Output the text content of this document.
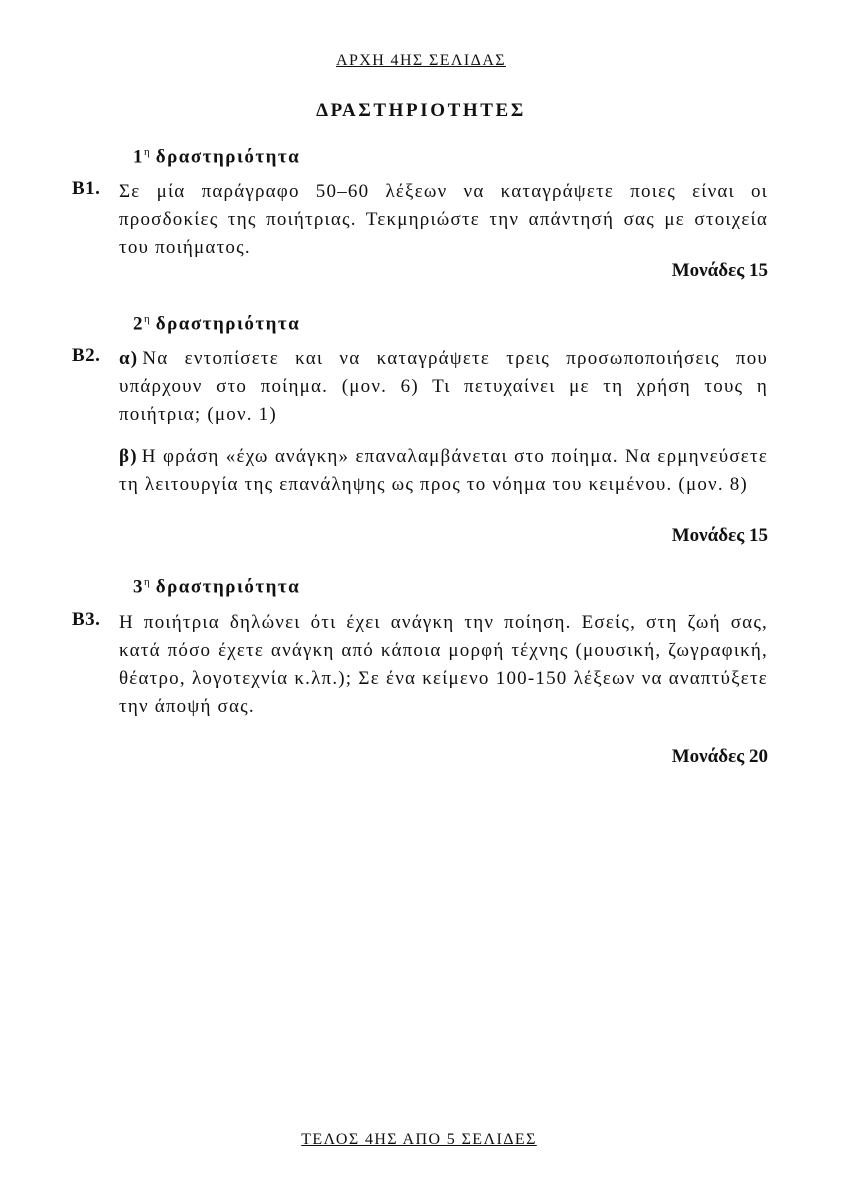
ΑΡΧΗ 4ΗΣ ΣΕΛΙΔΑΣ
ΔΡΑΣΤΗΡΙΟΤΗΤΕΣ
$1^\eta$ δραστηριότητα
Β1. Σε μία παράγραφο 50–60 λέξεων να καταγράψετε ποιες είναι οι προσδοκίες της ποιήτριας. Τεκμηριώστε την απάντησή σας με στοιχεία του ποιήματος.

Μονάδες 15
$2^\eta$ δραστηριότητα
Β2. α) Να εντοπίσετε και να καταγράψετε τρεις προσωποποιήσεις που υπάρχουν στο ποίημα. (μον. 6) Τι πετυχαίνει με τη χρήση τους η ποιήτρια; (μον. 1)

β) Η φράση «έχω ανάγκη» επαναλαμβάνεται στο ποίημα. Να ερμηνεύσετε τη λειτουργία της επανάληψης ως προς το νόημα του κειμένου. (μον. 8)

Μονάδες 15
$3^\eta$ δραστηριότητα
Β3. Η ποιήτρια δηλώνει ότι έχει ανάγκη την ποίηση. Εσείς, στη ζωή σας, κατά πόσο έχετε ανάγκη από κάποια μορφή τέχνης (μουσική, ζωγραφική, θέατρο, λογοτεχνία κ.λπ.); Σε ένα κείμενο 100-150 λέξεων να αναπτύξετε την άποψή σας.

Μονάδες 20
ΤΕΛΟΣ 4ΗΣ ΑΠΟ 5 ΣΕΛΙΔΕΣ
